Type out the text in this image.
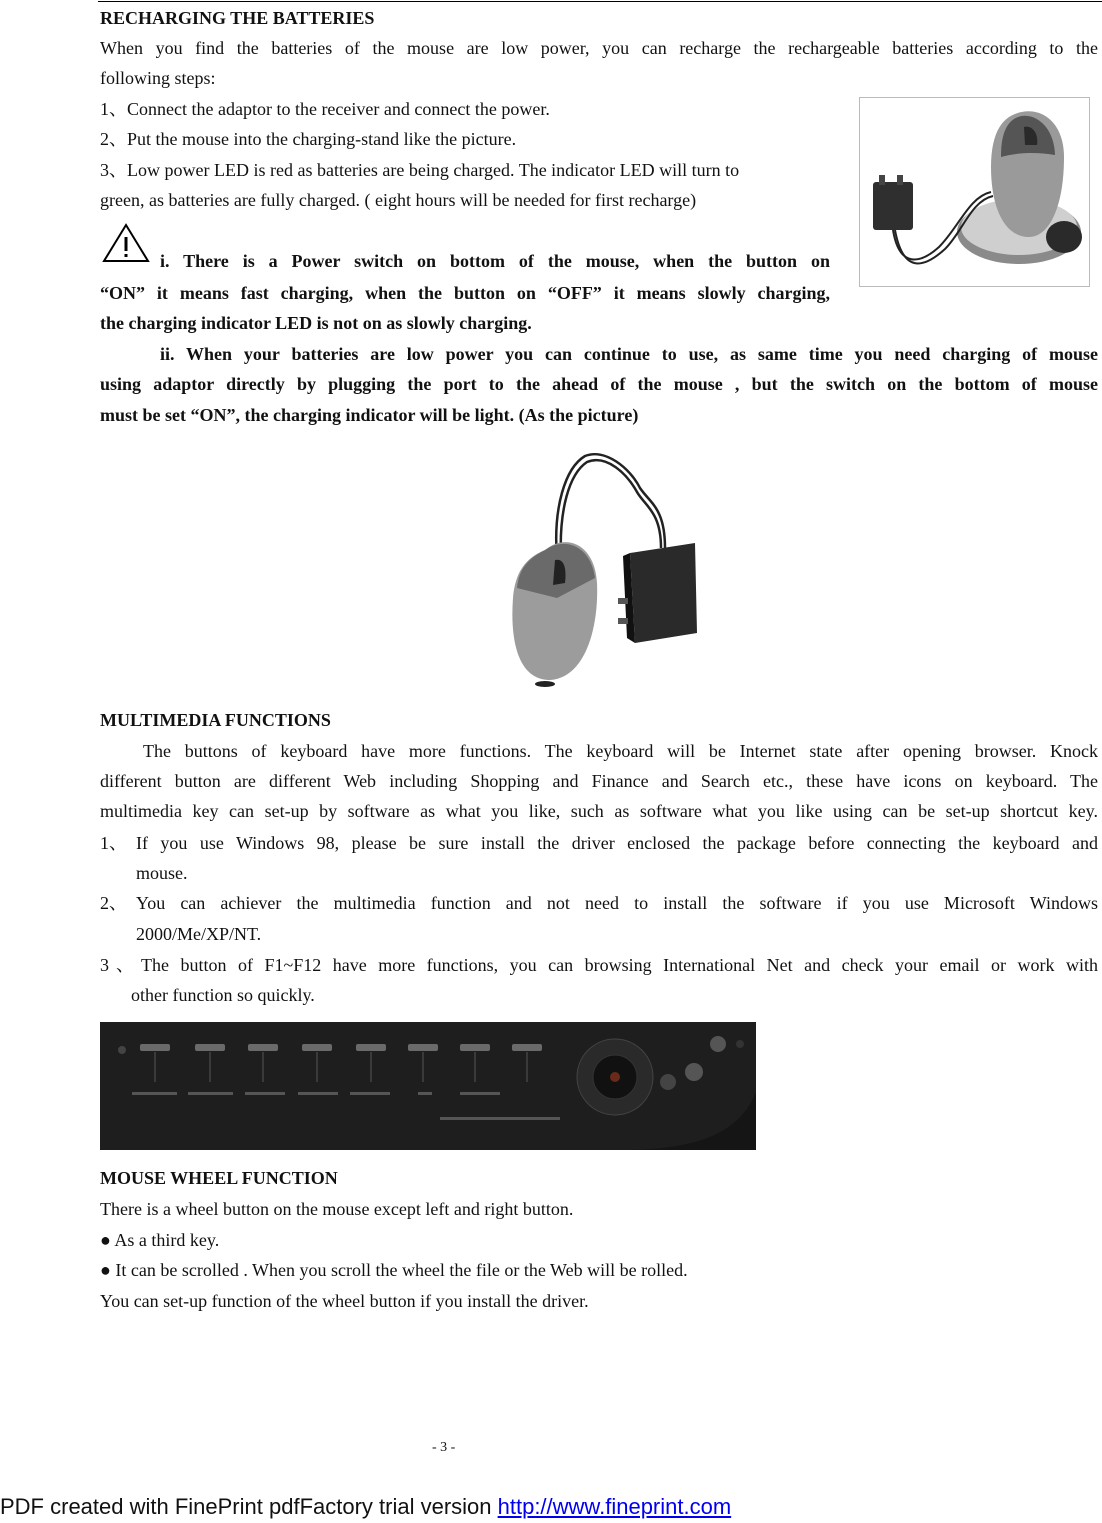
RECHARGING THE BATTERIES
When you find the batteries of the mouse are low power, you can recharge the rechargeable batteries according to the
following steps:
1、Connect the adaptor to the receiver and connect the power.
2、Put the mouse into the charging-stand like the picture.
3、Low power LED is red as batteries are being charged. The indicator LED will turn to
green, as batteries are fully charged. ( eight hours will be needed for first recharge)
i. There is a Power switch on bottom of the mouse, when the button on
“ON” it means fast charging, when the button on “OFF” it means slowly charging,
the charging indicator LED is not on as slowly charging.
ii. When your batteries are low power you can continue to use, as same time you need charging of mouse
using adaptor directly by plugging the port to the ahead of the mouse , but the switch on the bottom of mouse
must be set “ON”, the charging indicator will be light. (As the picture)
MULTIMEDIA FUNCTIONS
The buttons of keyboard have more functions. The keyboard will be Internet state after opening browser. Knock
different button are different Web including Shopping and Finance and Search etc., these have icons on keyboard. The
multimedia key can set-up by software as what you like, such as software what you like using can be set-up shortcut key.
1、 If you use Windows 98, please be sure install the driver enclosed the package before connecting the keyboard and
mouse.
2、 You can achiever the multimedia function and not need to install the software if you use Microsoft Windows
2000/Me/XP/NT.
3、The button of F1~F12 have more functions, you can browsing International Net and check your email or work with
other function so quickly.
MOUSE WHEEL FUNCTION
There is a wheel button on the mouse except left and right button.
● As a third key.
● It can be scrolled . When you scroll the wheel the file or the Web will be rolled.
You can set-up function of the wheel button if you install the driver.
- 3 -
PDF created with FinePrint pdfFactory trial version http://www.fineprint.com
